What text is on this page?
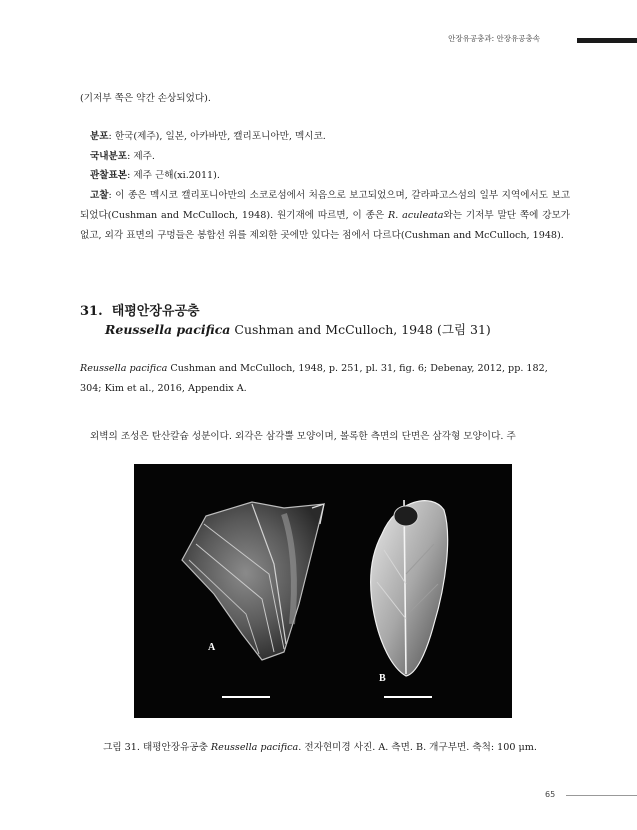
안장유공충과: 안장유공충속
(기저부 쪽은 약간 손상되었다).
분포: 한국(제주), 일본, 아카바만, 캘리포니아만, 멕시코.
국내분포: 제주.
관찰표본: 제주 근해(xi.2011).
고찰: 이 종은 멕시코 캘리포니아만의 소코로섬에서 처음으로 보고되었으며, 갈라파고스섬의 일부 지역에서도 보고되었다(Cushman and McCulloch, 1948). 원기재에 따르면, 이 종은 R. aculeata와는 기저부 말단 쪽에 강모가 없고, 외각 표면의 구멍들은 봉합선 위를 제외한 곳에만 있다는 점에서 다르다(Cushman and McCulloch, 1948).
31. 태평안장유공충
Reussella pacifica Cushman and McCulloch, 1948 (그림 31)
Reussella pacifica Cushman and McCulloch, 1948, p. 251, pl. 31, fig. 6; Debenay, 2012, pp. 182, 304; Kim et al., 2016, Appendix A.
외벽의 조성은 탄산칼슘 성분이다. 외각은 삼각뿔 모양이며, 볼록한 측면의 단면은 삼각형 모양이다. 주
A
B
그림 31. 태평안장유공충 Reussella pacifica. 전자현미경 사진. A. 측면. B. 개구부면. 축척: 100 μm.
65
